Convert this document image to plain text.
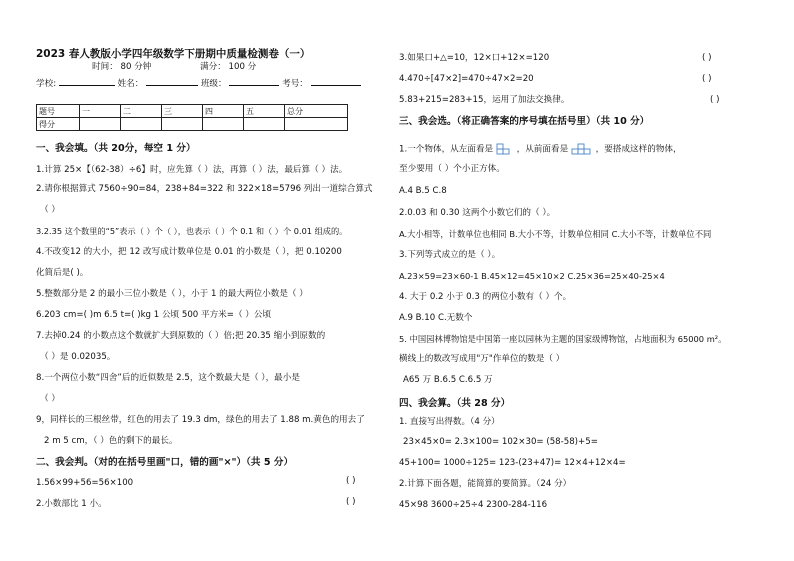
2023 春人教版小学四年级数学下册期中质量检测卷（一）
时间： 80 分钟	满分： 100 分
学校:	姓名：	班级：	考号：
题号	一	二	三	四	五	总分
得分						
一、我会填。（共 20分，每空 1 分）
1.计算 25×【（62-38）÷6】时，应先算（ ）法，再算（ ）法，最后算（ ）法。
2.请你根据算式 7560÷90=84，238+84=322 和 322×18=5796 列出一道综合算式
（ ）
3.2.35 这个数里的“5”表示（ ）个（ ），也表示（ ）个 0.1 和（ ）个 0.01 组成的。
4.不改变12 的大小，把 12 改写成计数单位是 0.01 的小数是（ ），把 0.10200
化简后是( )。
5.整数部分是 2 的最小三位小数是（ ），小于 1 的最大两位小数是（ ）
6.203 cm=( )m 6.5 t=( )kg 1 公顷 500 平方米=（ ）公顷
7.去掉0.24 的小数点这个数就扩大到原数的（ ）倍;把 20.35 缩小到原数的
（ ）是 0.02035。
8.一个两位小数“四舍”后的近似数是 2.5，这个数最大是（ ），最小是
（ ）
9，同样长的三根丝带，红色的用去了 19.3 dm，绿色的用去了 1.88 m.黄色的用去了
2 m 5 cm，（ ）色的剩下的最长。
二、我会判。（对的在括号里画"口，错的画"×"）（共 5 分）
1.56×99+56=56×100	( )
2.小数部比 1 小。	( )
3.如果口+△=10，12×口+12×=120	( )
4.470÷[47×2]=470÷47×2=20	( )
5.83+215=283+15，运用了加法交换律。	( )
三、我会选。（将正确答案的序号填在括号里）（共 10 分）
1.一个物体，从左面看是	，从前面看是	，要搭成这样的物体，
至少要用（ ）个小正方体。
A.4 B.5 C.8
2.0.03 和 0.30 这两个小数它们的（ ）。
A.大小相等，计数单位也相同 B.大小不等，计数单位相同 C.大小不等，计数单位不同
3.下列等式成立的是（ ）。
A.23×59=23×60-1 B.45×12=45×10×2 C.25×36=25×40-25×4
4. 大于 0.2 小于 0.3 的两位小数有（ ）个。
A.9 B.10 C.无数个
5. 中国园林博物馆是中国第一座以园林为主题的国家级博物馆，占地面积为 65000 m²。
横线上的数改写成用"万"作单位的数是（ ）
A65 万 B.6.5 C.6.5 万
四、我会算。（共 28 分）
1. 直接写出得数。（4 分）
23×45×0= 2.3×100= 102×30= (58-58)+5=
45+100= 1000÷125= 123-(23+47)= 12×4+12×4=
2.计算下面各题，能简算的要简算。（24 分）
45×98 3600÷25÷4 2300-284-116
